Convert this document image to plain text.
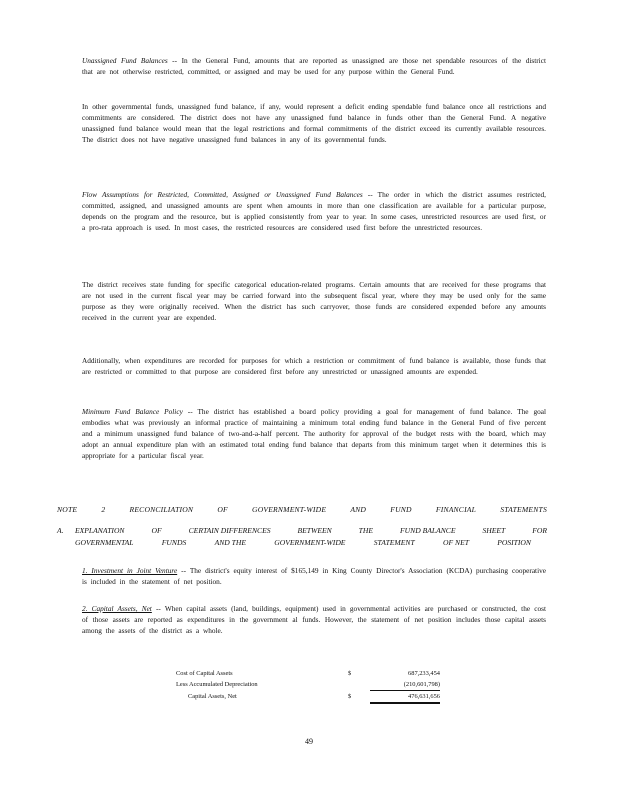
Unassigned Fund Balances -- In the General Fund, amounts that are reported as unassigned are those net spendable resources of the district that are not otherwise restricted, committed, or assigned and may be used for any purpose within the General Fund.

In other governmental funds, unassigned fund balance, if any, would represent a deficit ending spendable fund balance once all restrictions and commitments are considered. The district does not have any unassigned fund balance in funds other than the General Fund. A negative unassigned fund balance would mean that the legal restrictions and formal commitments of the district exceed its currently available resources. The district does not have negative unassigned fund balances in any of its governmental funds.

Flow Assumptions for Restricted, Committed, Assigned or Unassigned Fund Balances -- The order in which the district assumes restricted, committed, assigned, and unassigned amounts are spent when amounts in more than one classification are available for a particular purpose, depends on the program and the resource, but is applied consistently from year to year. In some cases, unrestricted resources are used first, or a pro-rata approach is used. In most cases, the restricted resources are considered used first before the unrestricted resources.

The district receives state funding for specific categorical education-related programs. Certain amounts that are received for these programs that are not used in the current fiscal year may be carried forward into the subsequent fiscal year, where they may be used only for the same purpose as they were originally received. When the district has such carryover, those funds are considered expended before any amounts received in the current year are expended.

Additionally, when expenditures are recorded for purposes for which a restriction or commitment of fund balance is available, those funds that are restricted or committed to that purpose are considered first before any unrestricted or unassigned amounts are expended.

Minimum Fund Balance Policy -- The district has established a board policy providing a goal for management of fund balance. The goal embodies what was previously an informal practice of maintaining a minimum total ending fund balance in the General Fund of five percent and a minimum unassigned fund balance of two-and-a-half percent. The authority for approval of the budget rests with the board, which may adopt an annual expenditure plan with an estimated total ending fund balance that departs from this minimum target when it determines this is appropriate for a particular fiscal year.

NOTE	2	RECONCILIATION	OF	GOVERNMENT-WIDE	AND	FUND	FINANCIAL	STATEMENTS
A.	EXPLANATION	OF	CERTAIN DIFFERENCES	BETWEEN	THE	FUND BALANCE	SHEET	FOR
GOVERNMENTAL	FUNDS	AND THE	GOVERNMENT-WIDE	STATEMENT	OF NET	POSITION

1. Investment in Joint Venture -- The district's equity interest of $165,149 in King County Director's Association (KCDA) purchasing cooperative is included in the statement of net position.

2. Capital Assets, Net -- When capital assets (land, buildings, equipment) used in governmental activities are purchased or constructed, the cost of those assets are reported as expenditures in the government al funds. However, the statement of net position includes those capital assets among the assets of the district as a whole.

Cost of Capital Assets	$	687,233,454
Less Accumulated Depreciation		(210,601,798)
Capital Assets, Net	$	476,631,656
49
